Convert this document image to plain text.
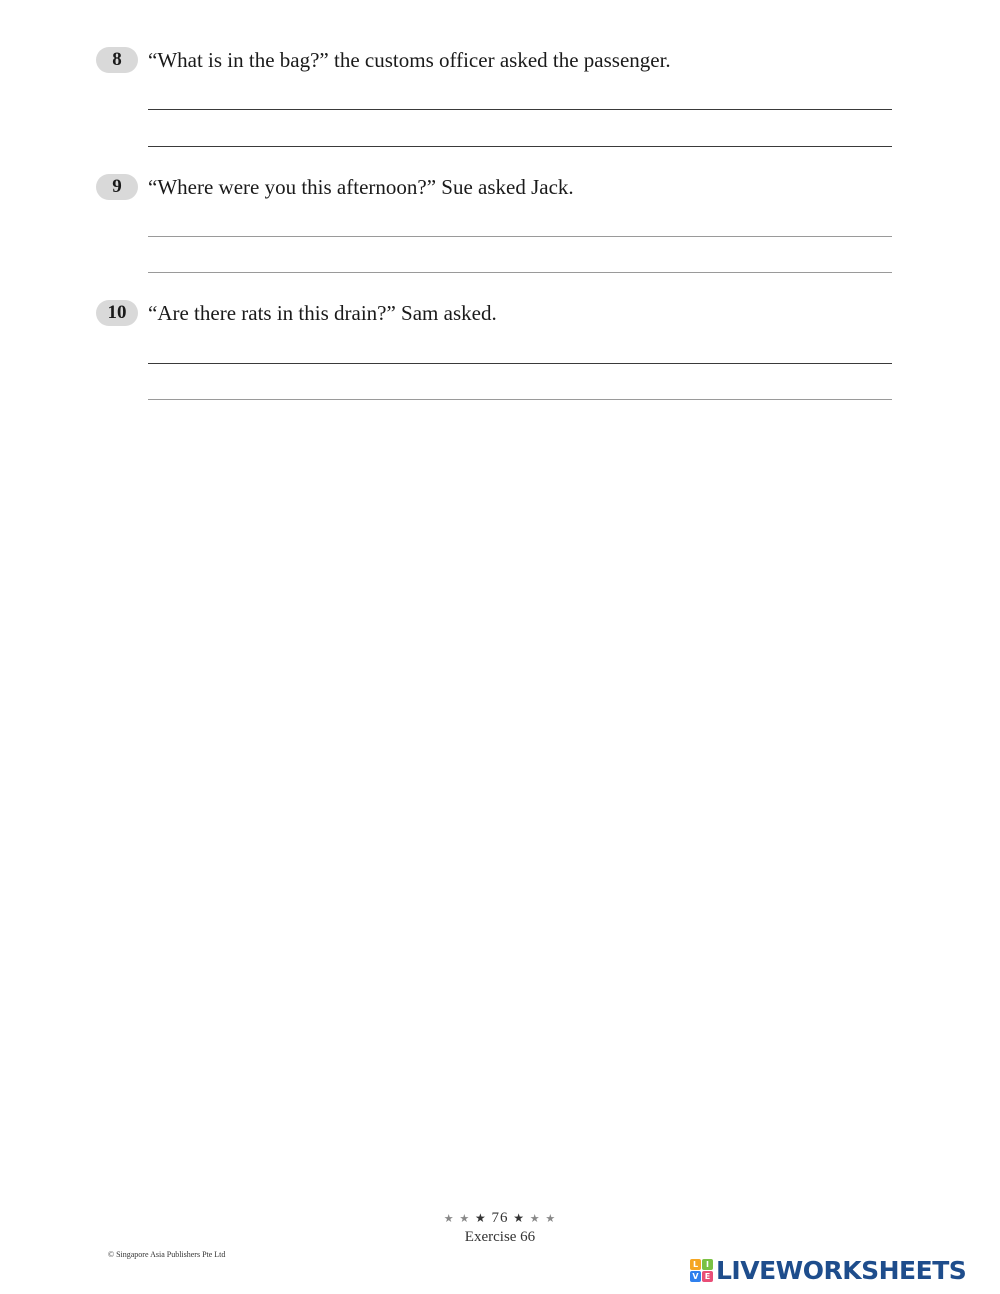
8	“What is in the bag?” the customs officer asked the passenger.
9	“Where were you this afternoon?” Sue asked Jack.
10	“Are there rats in this drain?” Sam asked.
★ ★ ★ 76 ★ ★ ★
Exercise 66
© Singapore Asia Publishers Pte Ltd
L I
V E LIVEWORKSHEETS
